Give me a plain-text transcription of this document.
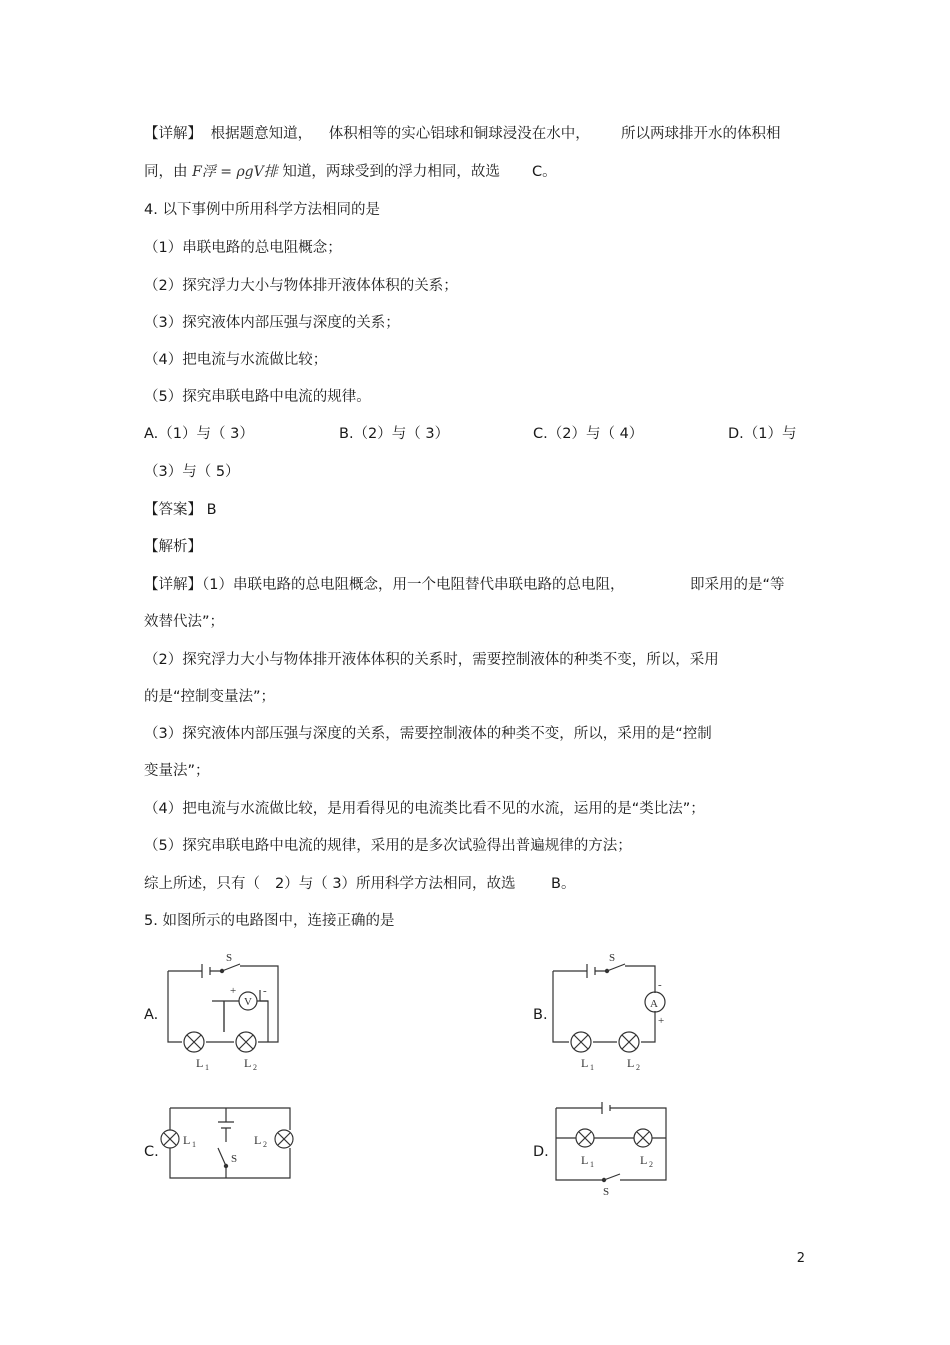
【详解】 根据题意知道， 体积相等的实心铝球和铜球浸没在水中， 所以两球排开水的体积相
同，由 F浮 = ρgV排 知道，两球受到的浮力相同，故选 C。
4. 以下事例中所用科学方法相同的是
（1）串联电路的总电阻概念；
（2）探究浮力大小与物体排开液体体积的关系；
（3）探究液体内部压强与深度的关系；
（4）把电流与水流做比较；
（5）探究串联电路中电流的规律。
A.（1）与（ 3）	B.（2）与（ 3）	C.（2）与（ 4）	D.（1）与
（3）与（ 5）
【答案】 B
【解析】
【详解】（1）串联电路的总电阻概念，用一个电阻替代串联电路的总电阻，	即采用的是“等
效替代法”；
（2）探究浮力大小与物体排开液体体积的关系时，需要控制液体的种类不变，所以，采用
的是“控制变量法”；
（3）探究液体内部压强与深度的关系，需要控制液体的种类不变，所以，采用的是“控制
变量法”；
（4）把电流与水流做比较，是用看得见的电流类比看不见的水流，运用的是“类比法”；
（5）探究串联电路中电流的规律，采用的是多次试验得出普遍规律的方法；
综上所述，只有（ 2）与（ 3）所用科学方法相同，故选 B。
5. 如图所示的电路图中，连接正确的是
A.	B.
C.	D.
S
L 1	L 2
V
+ -
S
A
-
+
L 1	L 2
S
L 1	L 2
L 1	L 2
S
2
